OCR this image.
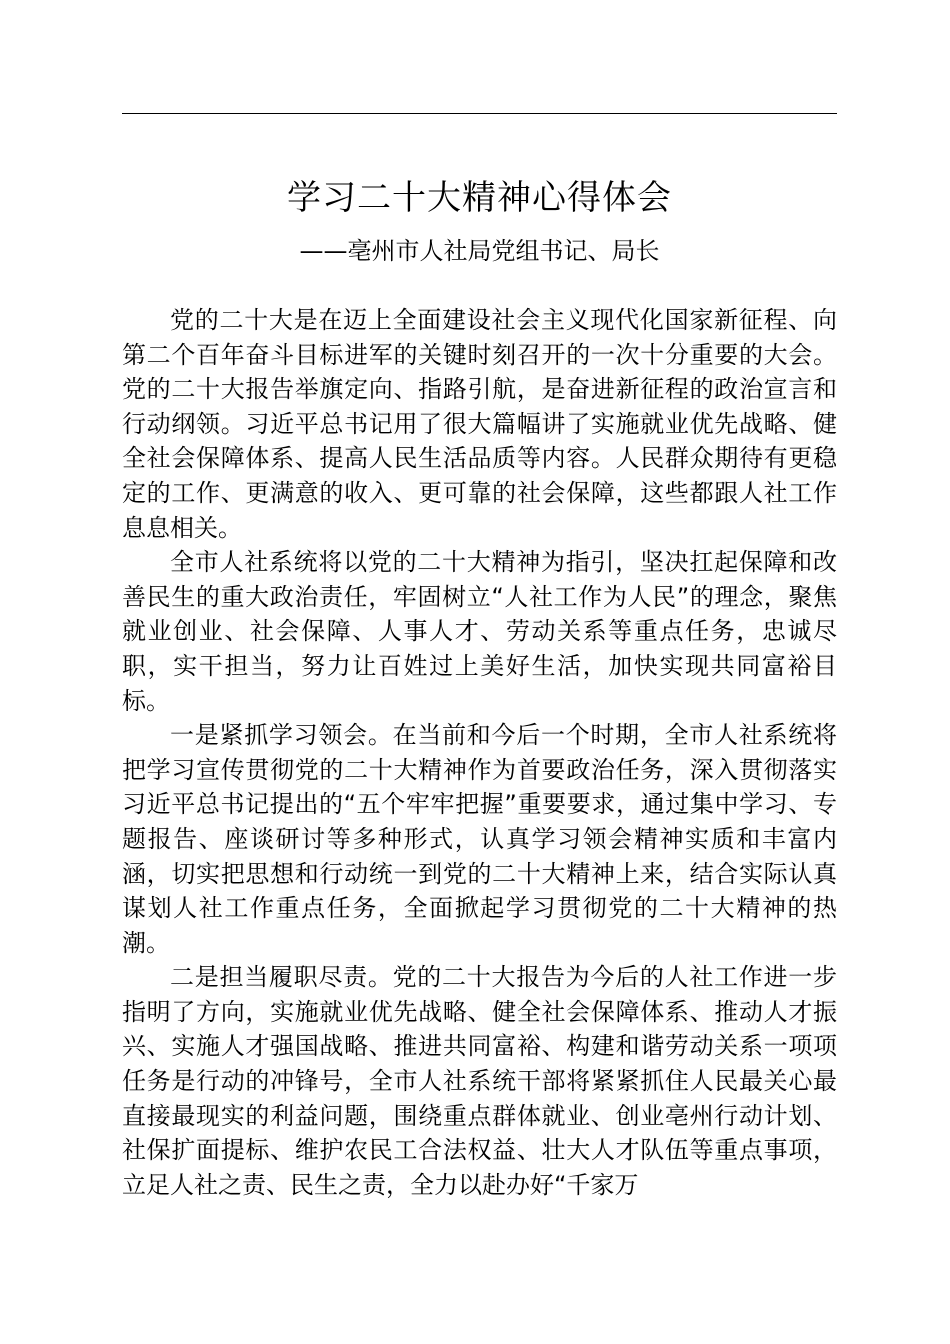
学习二十大精神心得体会
——亳州市人社局党组书记、局长

党的二十大是在迈上全面建设社会主义现代化国家新征程、向第二个百年奋斗目标进军的关键时刻召开的一次十分重要的大会。党的二十大报告举旗定向、指路引航，是奋进新征程的政治宣言和行动纲领。习近平总书记用了很大篇幅讲了实施就业优先战略、健全社会保障体系、提高人民生活品质等内容。人民群众期待有更稳定的工作、更满意的收入、更可靠的社会保障，这些都跟人社工作息息相关。

全市人社系统将以党的二十大精神为指引，坚决扛起保障和改善民生的重大政治责任，牢固树立“人社工作为人民”的理念，聚焦就业创业、社会保障、人事人才、劳动关系等重点任务，忠诚尽职，实干担当，努力让百姓过上美好生活，加快实现共同富裕目标。

一是紧抓学习领会。在当前和今后一个时期，全市人社系统将把学习宣传贯彻党的二十大精神作为首要政治任务，深入贯彻落实习近平总书记提出的“五个牢牢把握”重要要求，通过集中学习、专题报告、座谈研讨等多种形式，认真学习领会精神实质和丰富内涵，切实把思想和行动统一到党的二十大精神上来，结合实际认真谋划人社工作重点任务，全面掀起学习贯彻党的二十大精神的热潮。

二是担当履职尽责。党的二十大报告为今后的人社工作进一步指明了方向，实施就业优先战略、健全社会保障体系、推动人才振兴、实施人才强国战略、推进共同富裕、构建和谐劳动关系一项项任务是行动的冲锋号，全市人社系统干部将紧紧抓住人民最关心最直接最现实的利益问题，围绕重点群体就业、创业亳州行动计划、社保扩面提标、维护农民工合法权益、壮大人才队伍等重点事项，立足人社之责、民生之责，全力以赴办好“千家万
